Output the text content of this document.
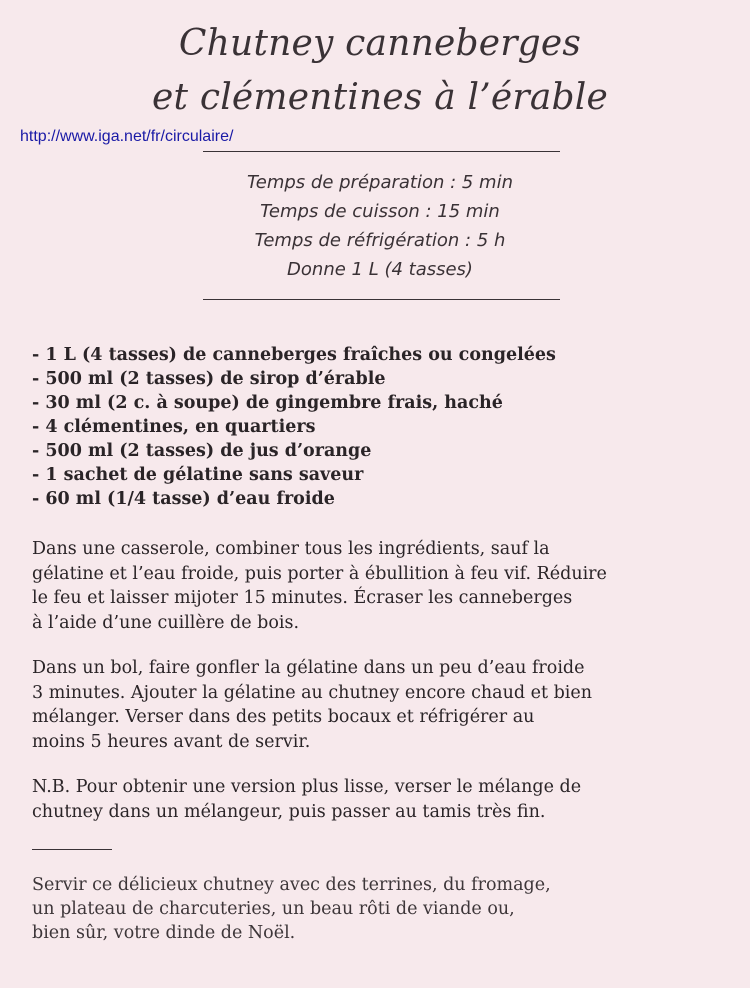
Chutney canneberges
et clémentines à l’érable
http://www.iga.net/fr/circulaire/
Temps de préparation : 5 min
Temps de cuisson : 15 min
Temps de réfrigération : 5 h
Donne 1 L (4 tasses)
- 1 L (4 tasses) de canneberges fraîches ou congelées
- 500 ml (2 tasses) de sirop d’érable
- 30 ml (2 c. à soupe) de gingembre frais, haché
- 4 clémentines, en quartiers
- 500 ml (2 tasses) de jus d’orange
- 1 sachet de gélatine sans saveur
- 60 ml (1/4 tasse) d’eau froide

Dans une casserole, combiner tous les ingrédients, sauf la
gélatine et l’eau froide, puis porter à ébullition à feu vif. Réduire
le feu et laisser mijoter 15 minutes. Écraser les canneberges
à l’aide d’une cuillère de bois.

Dans un bol, faire gonfler la gélatine dans un peu d’eau froide
3 minutes. Ajouter la gélatine au chutney encore chaud et bien
mélanger. Verser dans des petits bocaux et réfrigérer au
moins 5 heures avant de servir.

N.B. Pour obtenir une version plus lisse, verser le mélange de
chutney dans un mélangeur, puis passer au tamis très fin.

Servir ce délicieux chutney avec des terrines, du fromage,
un plateau de charcuteries, un beau rôti de viande ou,
bien sûr, votre dinde de Noël.
